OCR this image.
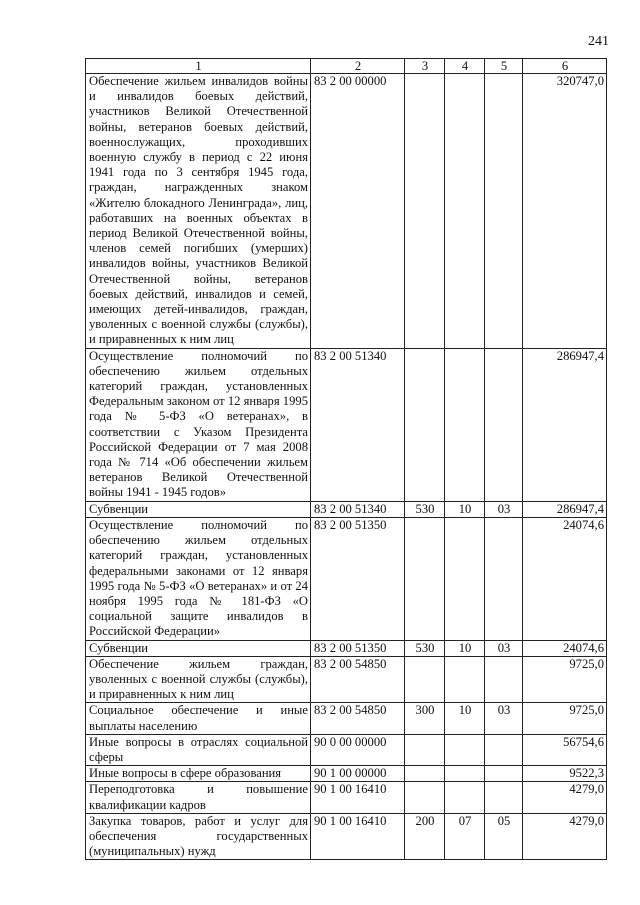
241
1	2	3	4	5	6
Обеспечение жильем инвалидов войны и инвалидов боевых действий, участников Великой Отечественной войны, ветеранов боевых действий, военнослужащих, проходивших военную службу в период с 22 июня 1941 года по 3 сентября 1945 года, граждан, награжденных знаком «Жителю блокадного Ленинграда», лиц, работавших на военных объектах в период Великой Отечественной войны, членов семей погибших (умерших) инвалидов войны, участников Великой Отечественной войны, ветеранов боевых действий, инвалидов и семей, имеющих детей-инвалидов, граждан, уволенных с военной службы (службы), и приравненных к ним лиц	83 2 00 00000				320747,0
Осуществление полномочий по обеспечению жильем отдельных категорий граждан, установленных Федеральным законом от 12 января 1995 года № 5-ФЗ «О ветеранах», в соответствии с Указом Президента Российской Федерации от 7 мая 2008 года № 714 «Об обеспечении жильем ветеранов Великой Отечественной войны 1941 - 1945 годов»	83 2 00 51340				286947,4
Субвенции	83 2 00 51340	530	10	03	286947,4
Осуществление полномочий по обеспечению жильем отдельных категорий граждан, установленных федеральными законами от 12 января 1995 года № 5-ФЗ «О ветеранах» и от 24 ноября 1995 года № 181-ФЗ «О социальной защите инвалидов в Российской Федерации»	83 2 00 51350				24074,6
Субвенции	83 2 00 51350	530	10	03	24074,6
Обеспечение жильем граждан, уволенных с военной службы (службы), и приравненных к ним лиц	83 2 00 54850				9725,0
Социальное обеспечение и иные выплаты населению	83 2 00 54850	300	10	03	9725,0
Иные вопросы в отраслях социальной сферы	90 0 00 00000				56754,6
Иные вопросы в сфере образования	90 1 00 00000				9522,3
Переподготовка и повышение квалификации кадров	90 1 00 16410				4279,0
Закупка товаров, работ и услуг для обеспечения государственных (муниципальных) нужд	90 1 00 16410	200	07	05	4279,0
